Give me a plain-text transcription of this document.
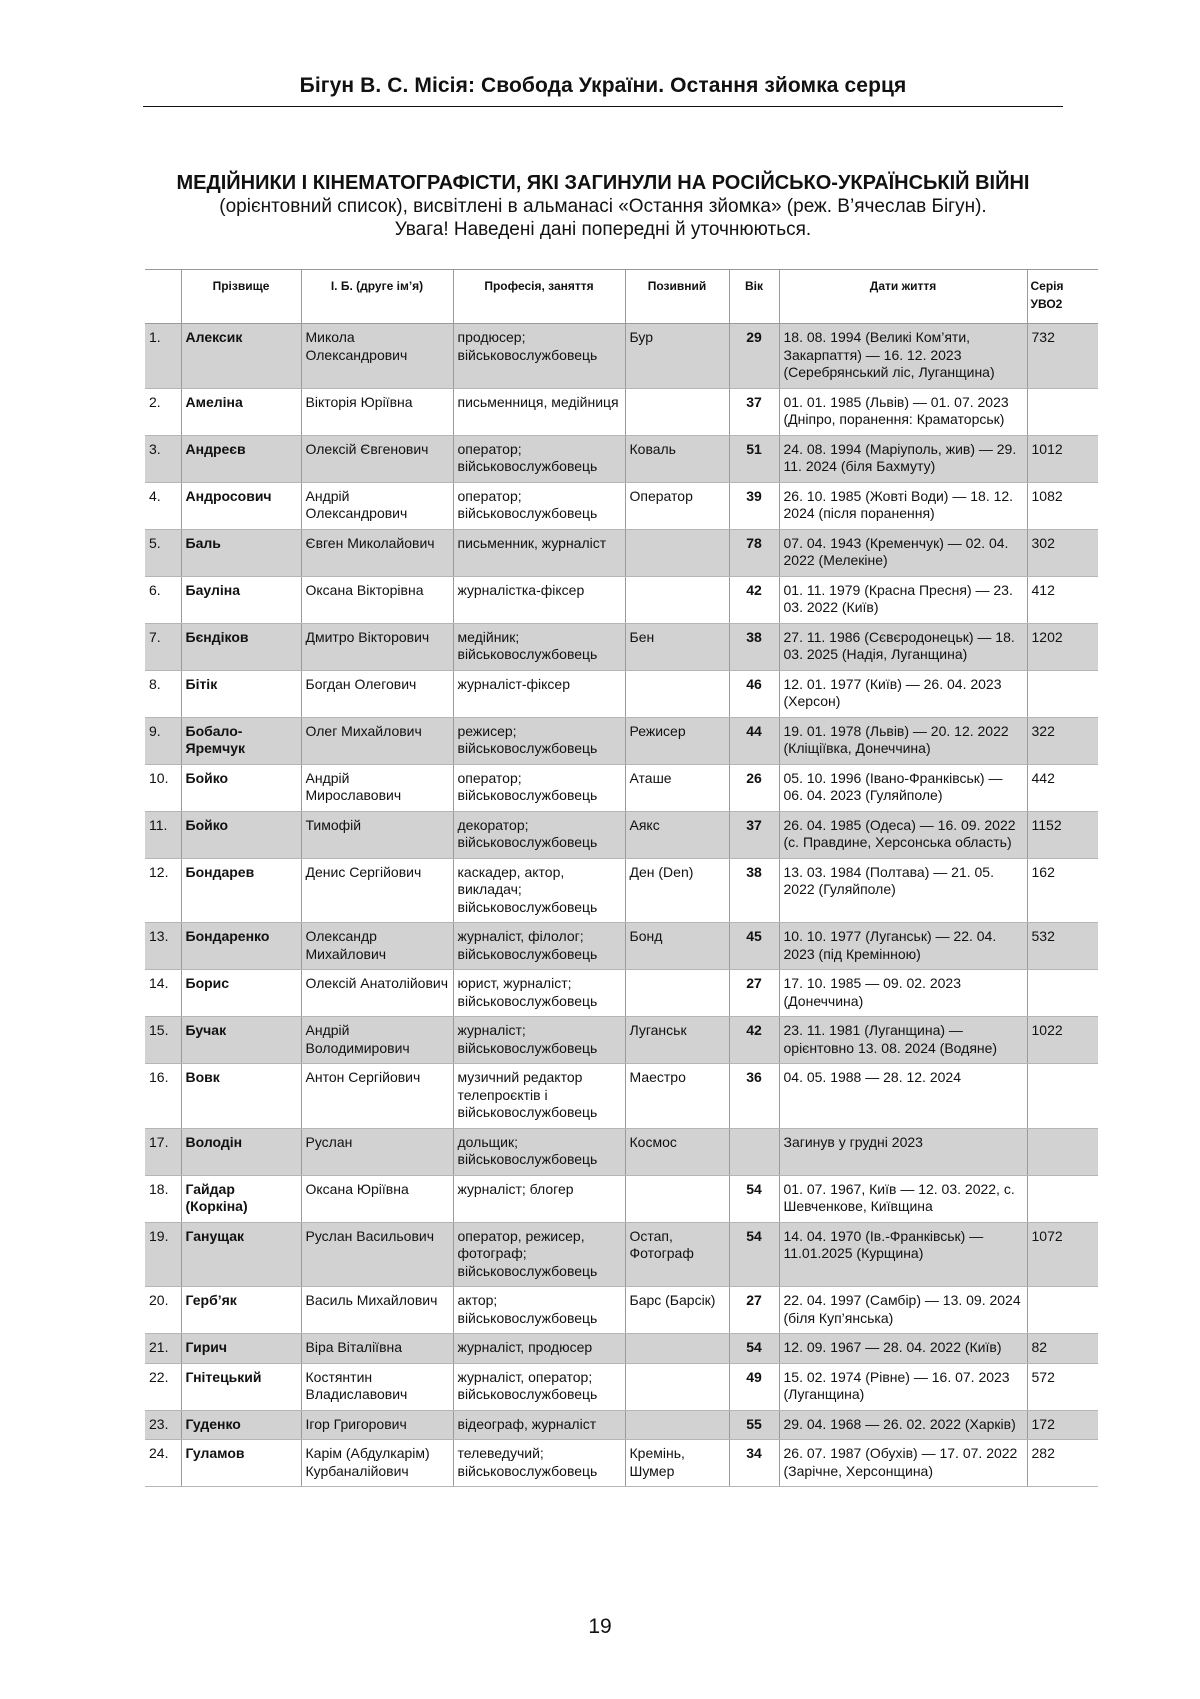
Бігун В. С. Місія: Свобода України. Остання зйомка серця
МЕДІЙНИКИ І КІНЕМАТОГРАФІСТИ, ЯКІ ЗАГИНУЛИ НА РОСІЙСЬКО-УКРАЇНСЬКІЙ ВІЙНІ
(орієнтовний список), висвітлені в альманасі «Остання зйомка» (реж. В’ячеслав Бігун).
Увага! Наведені дані попередні й уточнюються.
	Прізвище	І. Б. (друге ім’я)	Професія, заняття	Позивний	Вік	Дати життя	Серія УВО2
1.	Алексик	Микола Олександрович	продюсер; військовослужбовець	Бур	29	18. 08. 1994 (Великі Ком’яти, Закарпаття) — 16. 12. 2023 (Серебрянський ліс, Луганщина)	732
2.	Амеліна	Вікторія Юріївна	письменниця, медійниця		37	01. 01. 1985 (Львів) — 01. 07. 2023 (Дніпро, поранення: Краматорськ)	
3.	Андреєв	Олексій Євгенович	оператор; військовослужбовець	Коваль	51	24. 08. 1994 (Маріуполь, жив) — 29. 11. 2024 (біля Бахмуту)	1012
4.	Андросович	Андрій Олександрович	оператор; військовослужбовець	Оператор	39	26. 10. 1985 (Жовті Води) — 18. 12. 2024 (після поранення)	1082
5.	Баль	Євген Миколайович	письменник, журналіст		78	07. 04. 1943 (Кременчук) — 02. 04. 2022 (Мелекіне)	302
6.	Бауліна	Оксана Вікторівна	журналістка-фіксер		42	01. 11. 1979 (Красна Пресня) — 23. 03. 2022 (Київ)	412
7.	Бєндіков	Дмитро Вікторович	медійник; військовослужбовець	Бен	38	27. 11. 1986 (Сєвєродонецьк) — 18. 03. 2025 (Надія, Луганщина)	1202
8.	Бітік	Богдан Олегович	журналіст-фіксер		46	12. 01. 1977 (Київ) — 26. 04. 2023 (Херсон)	
9.	Бобало-Яремчук	Олег Михайлович	режисер; військовослужбовець	Режисер	44	19. 01. 1978 (Львів) — 20. 12. 2022 (Кліщіївка, Донеччина)	322
10.	Бойко	Андрій Мирославович	оператор; військовослужбовець	Аташе	26	05. 10. 1996 (Івано-Франківськ) — 06. 04. 2023 (Гуляйполе)	442
11.	Бойко	Тимофій	декоратор; військовослужбовець	Аякс	37	26. 04. 1985 (Одеса) — 16. 09. 2022 (с. Правдине, Херсонська область)	1152
12.	Бондарев	Денис Сергійович	каскадер, актор, викладач; військовослужбовець	Ден (Den)	38	13. 03. 1984 (Полтава) — 21. 05. 2022 (Гуляйполе)	162
13.	Бондаренко	Олександр Михайлович	журналіст, філолог; військовослужбовець	Бонд	45	10. 10. 1977 (Луганськ) — 22. 04. 2023 (під Кремінною)	532
14.	Борис	Олексій Анатолійович	юрист, журналіст; військовослужбовець		27	17. 10. 1985 — 09. 02. 2023 (Донеччина)	
15.	Бучак	Андрій Володимирович	журналіст; військовослужбовець	Луганськ	42	23. 11. 1981 (Луганщина) — орієнтовно 13. 08. 2024 (Водяне)	1022
16.	Вовк	Антон Сергійович	музичний редактор телепроєктів і військовослужбовець	Маестро	36	04. 05. 1988 — 28. 12. 2024	
17.	Володін	Руслан	дольщик; військовослужбовець	Космос		Загинув у грудні 2023	
18.	Гайдар (Коркіна)	Оксана Юріївна	журналіст; блогер		54	01. 07. 1967, Київ — 12. 03. 2022, с. Шевченкове, Київщина	
19.	Ганущак	Руслан Васильович	оператор, режисер, фотограф; військовослужбовець	Остап, Фотограф	54	14. 04. 1970 (Ів.-Франківськ) — 11.01.2025 (Курщина)	1072
20.	Герб’як	Василь Михайлович	актор; військовослужбовець	Барс (Барсік)	27	22. 04. 1997 (Самбір) — 13. 09. 2024 (біля Куп’янська)	
21.	Гирич	Віра Віталіївна	журналіст, продюсер		54	12. 09. 1967 — 28. 04. 2022 (Київ)	82
22.	Гнітецький	Костянтин Владиславович	журналіст, оператор; військовослужбовець		49	15. 02. 1974 (Рівне) — 16. 07. 2023 (Луганщина)	572
23.	Гуденко	Ігор Григорович	відеограф, журналіст		55	29. 04. 1968 — 26. 02. 2022 (Харків)	172
24.	Гуламов	Карім (Абдулкарім) Курбаналійович	телеведучий; військовослужбовець	Кремінь, Шумер	34	26. 07. 1987 (Обухів) — 17. 07. 2022 (Зарічне, Херсонщина)	282
19
